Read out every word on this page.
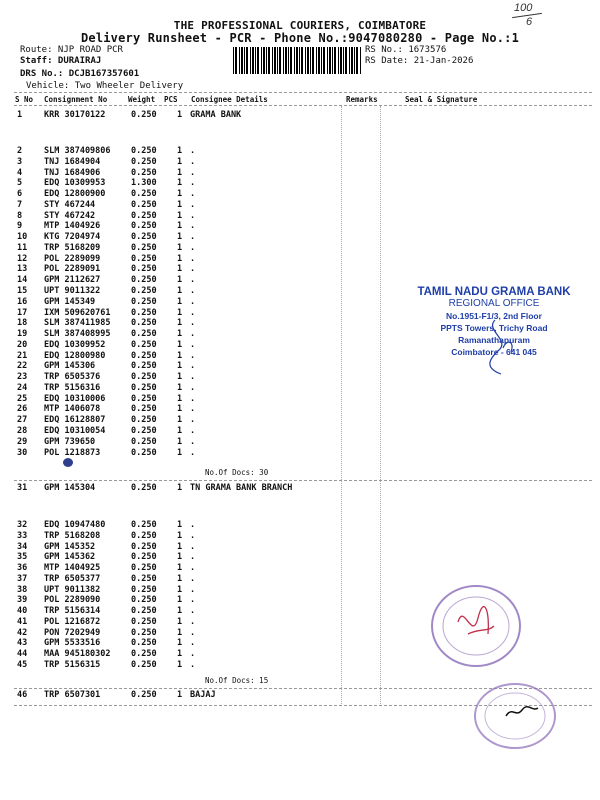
100
6
THE PROFESSIONAL COURIERS, COIMBATORE
Delivery Runsheet - PCR - Phone No.:9047080280 - Page No.:1
Route: NJP ROAD PCR
Staff: DURAIRAJ
DRS No.: DCJB167357601
Vehicle: Two Wheeler Delivery
RS No.: 1673576
RS Date: 21-Jan-2026
S No Consignment No	Weight PCS Consignee Details	Remarks	Seal & Signature
1	KRR 30170122	0.250 1 GRAMA BANK
2	SLM 387409806 0.250 1 .
3	TNJ 1684904	0.250 1 .
4	TNJ 1684906	0.250 1 .
5	EDQ 10309953	1.300 1 .
6	EDQ 12800900	0.250 1 .
7	STY 467244	0.250 1 .
8	STY 467242	0.250 1 .
9	MTP 1404926	0.250 1 .
10	KTG 7204974	0.250 1 .
11	TRP 5168209	0.250 1 .
12	POL 2289099	0.250 1 .
13	POL 2289091	0.250 1 .
14	GPM 2112627	0.250 1 .
15	UPT 9011322	0.250 1 .
16	GPM 145349	0.250 1 .
17	IXM 509620761 0.250 1 .
18	SLM 387411985 0.250 1 .
19	SLM 387408995 0.250 1 .
20	EDQ 10309952	0.250 1 .
21	EDQ 12800980	0.250 1 .
22	GPM 145306	0.250 1 .
23	TRP 6505376	0.250 1 .
24	TRP 5156316	0.250 1 .
25	EDQ 10310006	0.250 1 .
26	MTP 1406078	0.250 1 .
27	EDQ 16128807	0.250 1 .
28	EDQ 10310054	0.250 1 .
29	GPM 739650	0.250 1 .
30	POL 1218873	0.250 1 .
31	GPM 145304	0.250 1 TN GRAMA BANK BRANCH
32	EDQ 10947480	0.250 1 .
33	TRP 5168208	0.250 1 .
34	GPM 145352	0.250 1 .
35	GPM 145362	0.250 1 .
36	MTP 1404925	0.250 1 .
37	TRP 6505377	0.250 1 .
38	UPT 9011382	0.250 1 .
39	POL 2289090	0.250 1 .
40	TRP 5156314	0.250 1 .
41	POL 1216872	0.250 1 .
42	PON 7202949	0.250 1 .
43	GPM 5533516	0.250 1 .
44	MAA 945180302 0.250 1 .
45	TRP 5156315	0.250 1 .
46	TRP 6507301	0.250 1 BAJAJ
No.Of Docs: 30
No.Of Docs: 15
TAMIL NADU GRAMA BANK
REGIONAL OFFICE
No.1951-F1/3, 2nd Floor
PPTS Towers, Trichy Road
Ramanathapuram
Coimbatore - 641 045
